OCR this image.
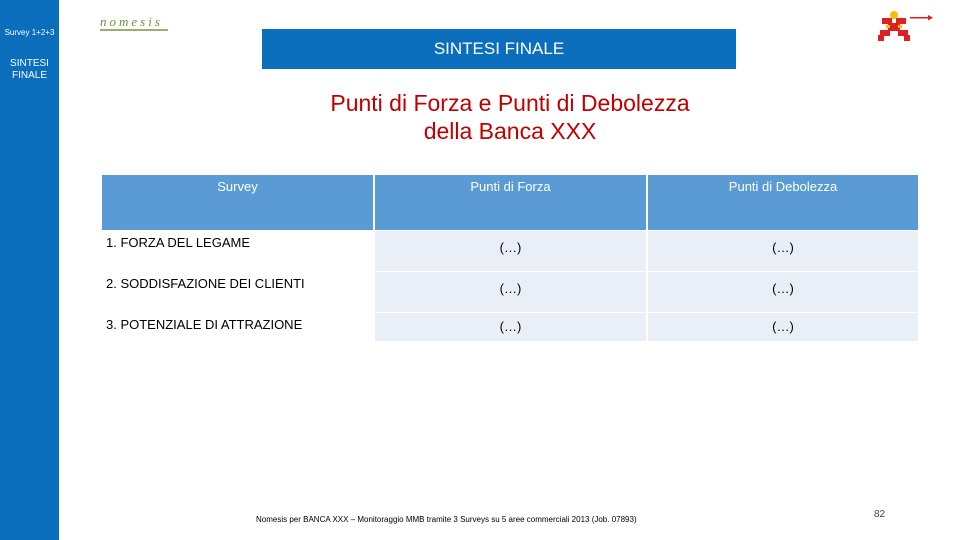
Survey 1+2+3
SINTESI FINALE
nomesis
SINTESI FINALE
Punti di Forza e Punti di Debolezza
della Banca XXX
Survey	Punti di Forza	Punti di Debolezza
1. FORZA DEL LEGAME	(…)	(…)
2. SODDISFAZIONE DEI CLIENTI	(…)	(…)
3. POTENZIALE DI ATTRAZIONE	(…)	(…)
Nomesis per BANCA XXX – Monitoraggio MMB tramite 3 Surveys su 5 aree commerciali 2013 (Job. 07893)	82
